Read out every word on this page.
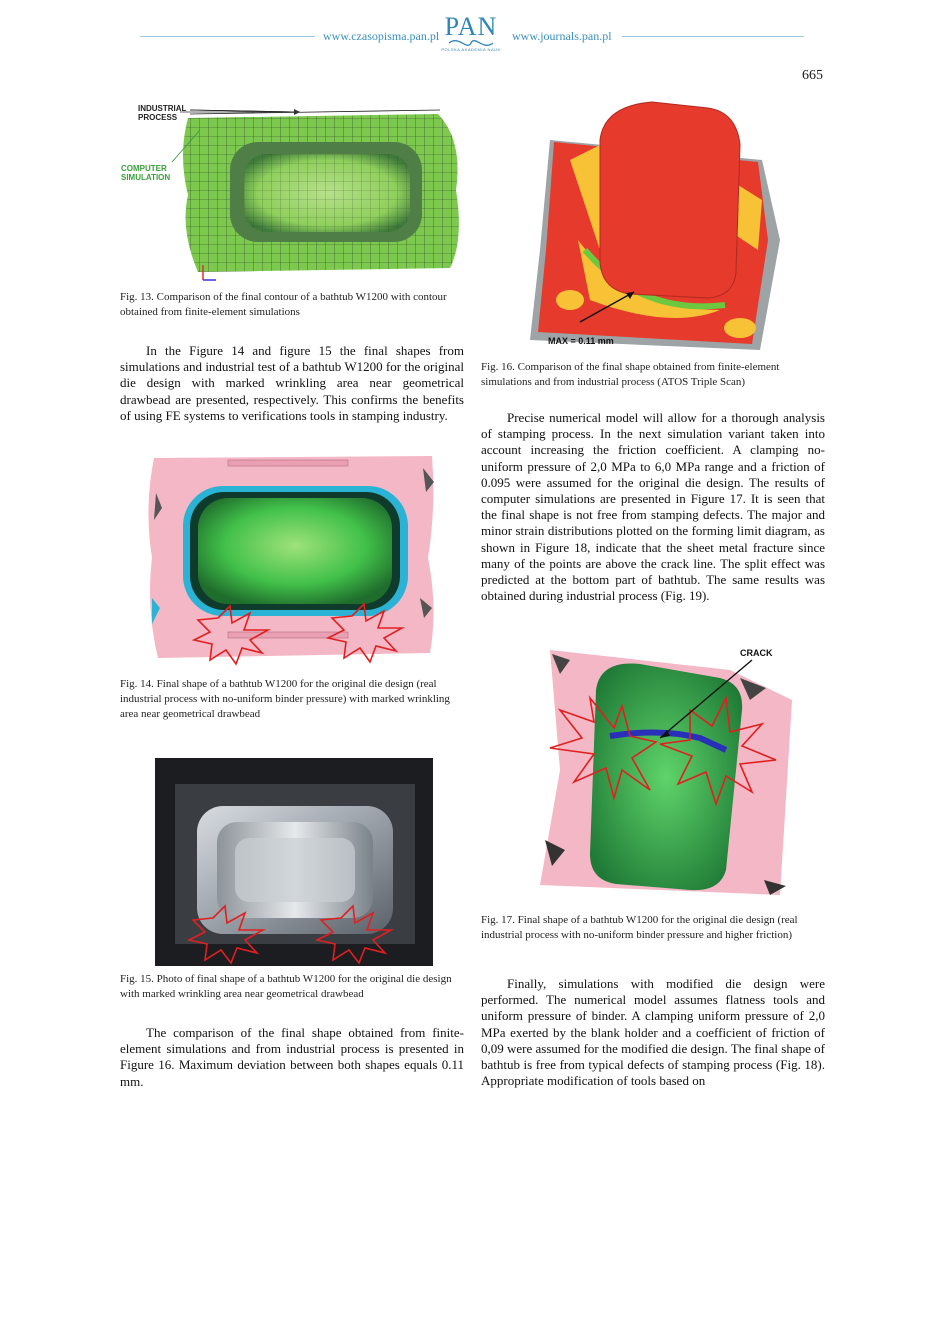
www.czasopisma.pan.pl PAN
POLSKA AKADEMIA NAUK
www.journals.pan.pl
665
INDUSTRIAL
PROCESS
COMPUTER
SIMULATION
Fig. 13. Comparison of the final contour of a bathtub W1200 with contour obtained from finite-element simulations
In the Figure 14 and figure 15 the final shapes from simulations and industrial test of a bathtub W1200 for the original die design with marked wrinkling area near geometrical drawbead are presented, respectively. This confirms the benefits of using FE systems to verifications tools in stamping industry.
Fig. 14. Final shape of a bathtub W1200 for the original die design (real industrial process with no-uniform binder pressure) with marked wrinkling area near geometrical drawbead
Fig. 15. Photo of final shape of a bathtub W1200 for the original die design with marked wrinkling area near geometrical drawbead
The comparison of the final shape obtained from finite-element simulations and from industrial process is presented in Figure 16. Maximum deviation between both shapes equals 0.11 mm.
MAX = 0.11 mm
Fig. 16. Comparison of the final shape obtained from finite-element simulations and from industrial process (ATOS Triple Scan)
Precise numerical model will allow for a thorough analysis of stamping process. In the next simulation variant taken into account increasing the friction coefficient. A clamping no-uniform pressure of 2,0 MPa to 6,0 MPa range and a friction of 0.095 were assumed for the original die design. The results of computer simulations are presented in Figure 17. It is seen that the final shape is not free from stamping defects. The major and minor strain distributions plotted on the forming limit diagram, as shown in Figure 18, indicate that the sheet metal fracture since many of the points are above the crack line. The split effect was predicted at the bottom part of bathtub. The same results was obtained during industrial process (Fig. 19).
CRACK
Fig. 17. Final shape of a bathtub W1200 for the original die design (real industrial process with no-uniform binder pressure and higher friction)
Finally, simulations with modified die design were performed. The numerical model assumes flatness tools and uniform pressure of binder. A clamping uniform pressure of 2,0 MPa exerted by the blank holder and a coefficient of friction of 0,09 were assumed for the modified die design. The final shape of bathtub is free from typical defects of stamping process (Fig. 18). Appropriate modification of tools based on
